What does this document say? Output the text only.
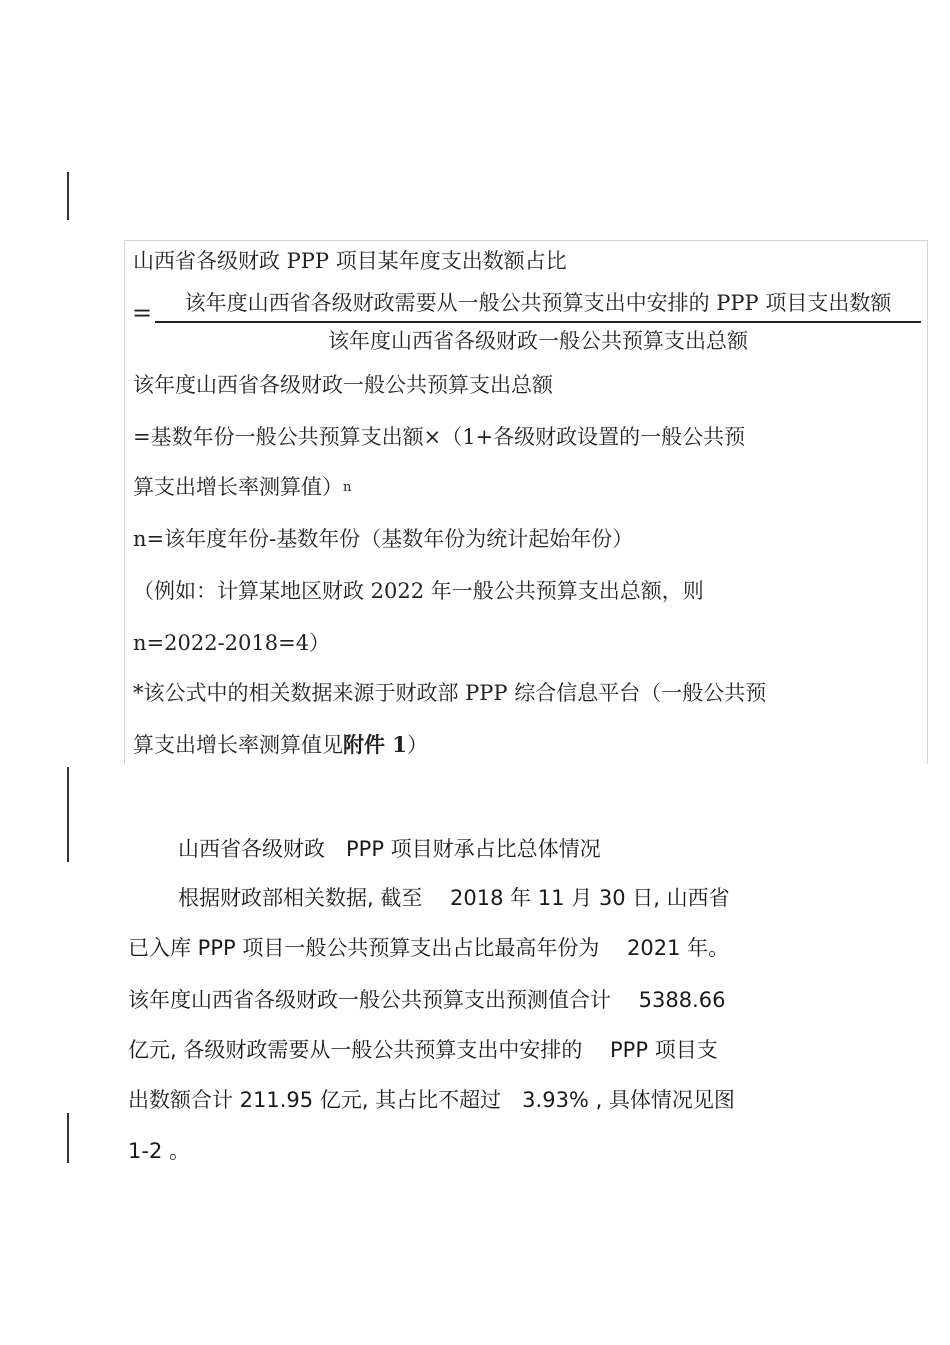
山西省各级财政 PPP 项目某年度支出数额占比
=	该年度山西省各级财政需要从一般公共预算支出中安排的 PPP 项目支出数额
该年度山西省各级财政一般公共预算支出总额
该年度山西省各级财政一般公共预算支出总额
=基数年份一般公共预算支出额×（1+各级财政设置的一般公共预
算支出增长率测算值）$^n$
n=该年度年份-基数年份（基数年份为统计起始年份）
（例如：计算某地区财政 2022 年一般公共预算支出总额，则
n=2022-2018=4）
*该公式中的相关数据来源于财政部 PPP 综合信息平台（一般公共预
算支出增长率测算值见附件 1）
山西省各级财政　PPP 项目财承占比总体情况
根据财政部相关数据, 截至　 2018 年 11 月 30 日, 山西省
已入库 PPP 项目一般公共预算支出占比最高年份为　 2021 年。
该年度山西省各级财政一般公共预算支出预测值合计　 5388.66
亿元, 各级财政需要从一般公共预算支出中安排的　 PPP 项目支
出数额合计 211.95 亿元, 其占比不超过　3.93% , 具体情况见图
1-2 。
